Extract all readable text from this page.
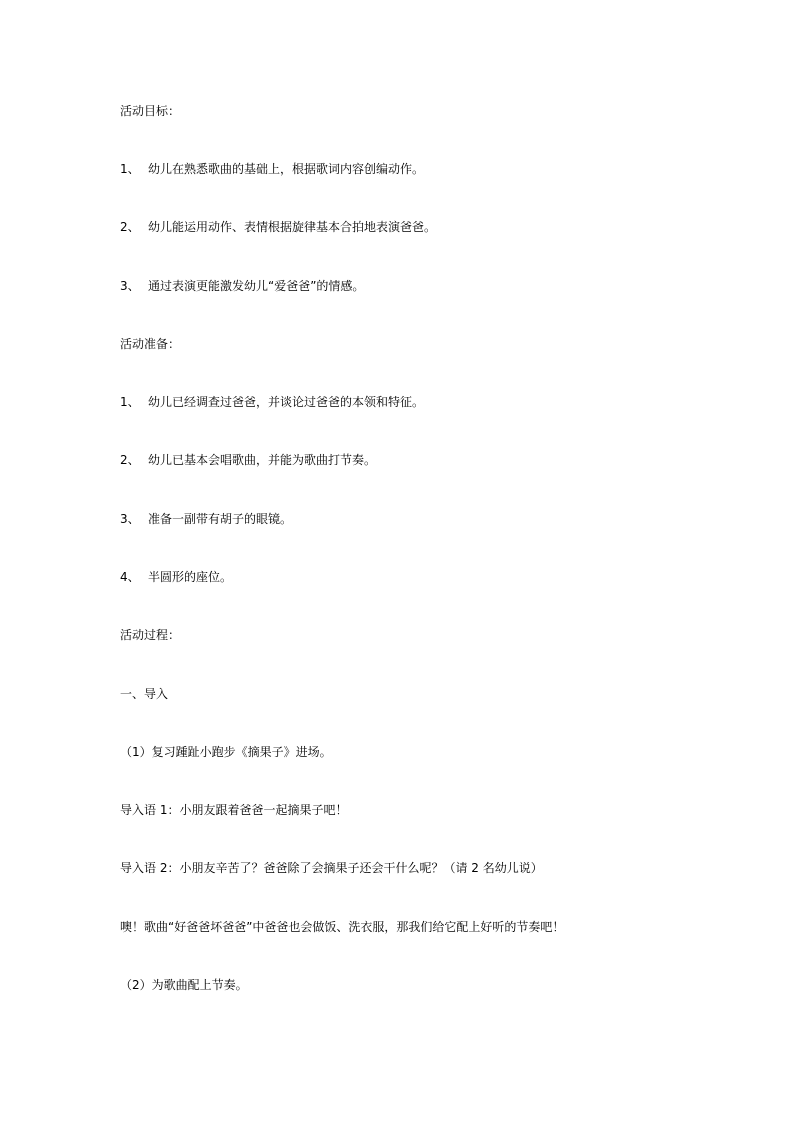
活动目标：
1、 幼儿在熟悉歌曲的基础上，根据歌词内容创编动作。
2、 幼儿能运用动作、表情根据旋律基本合拍地表演爸爸。
3、 通过表演更能激发幼儿“爱爸爸”的情感。
活动准备：
1、 幼儿已经调查过爸爸，并谈论过爸爸的本领和特征。
2、 幼儿已基本会唱歌曲，并能为歌曲打节奏。
3、 准备一副带有胡子的眼镜。
4、 半圆形的座位。
活动过程：
一、导入
（1）复习踵趾小跑步《摘果子》进场。
导入语 1：小朋友跟着爸爸一起摘果子吧！
导入语 2：小朋友辛苦了？爸爸除了会摘果子还会干什么呢？（请 2 名幼儿说）
噢！歌曲“好爸爸坏爸爸”中爸爸也会做饭、洗衣服，那我们给它配上好听的节奏吧！
（2）为歌曲配上节奏。
